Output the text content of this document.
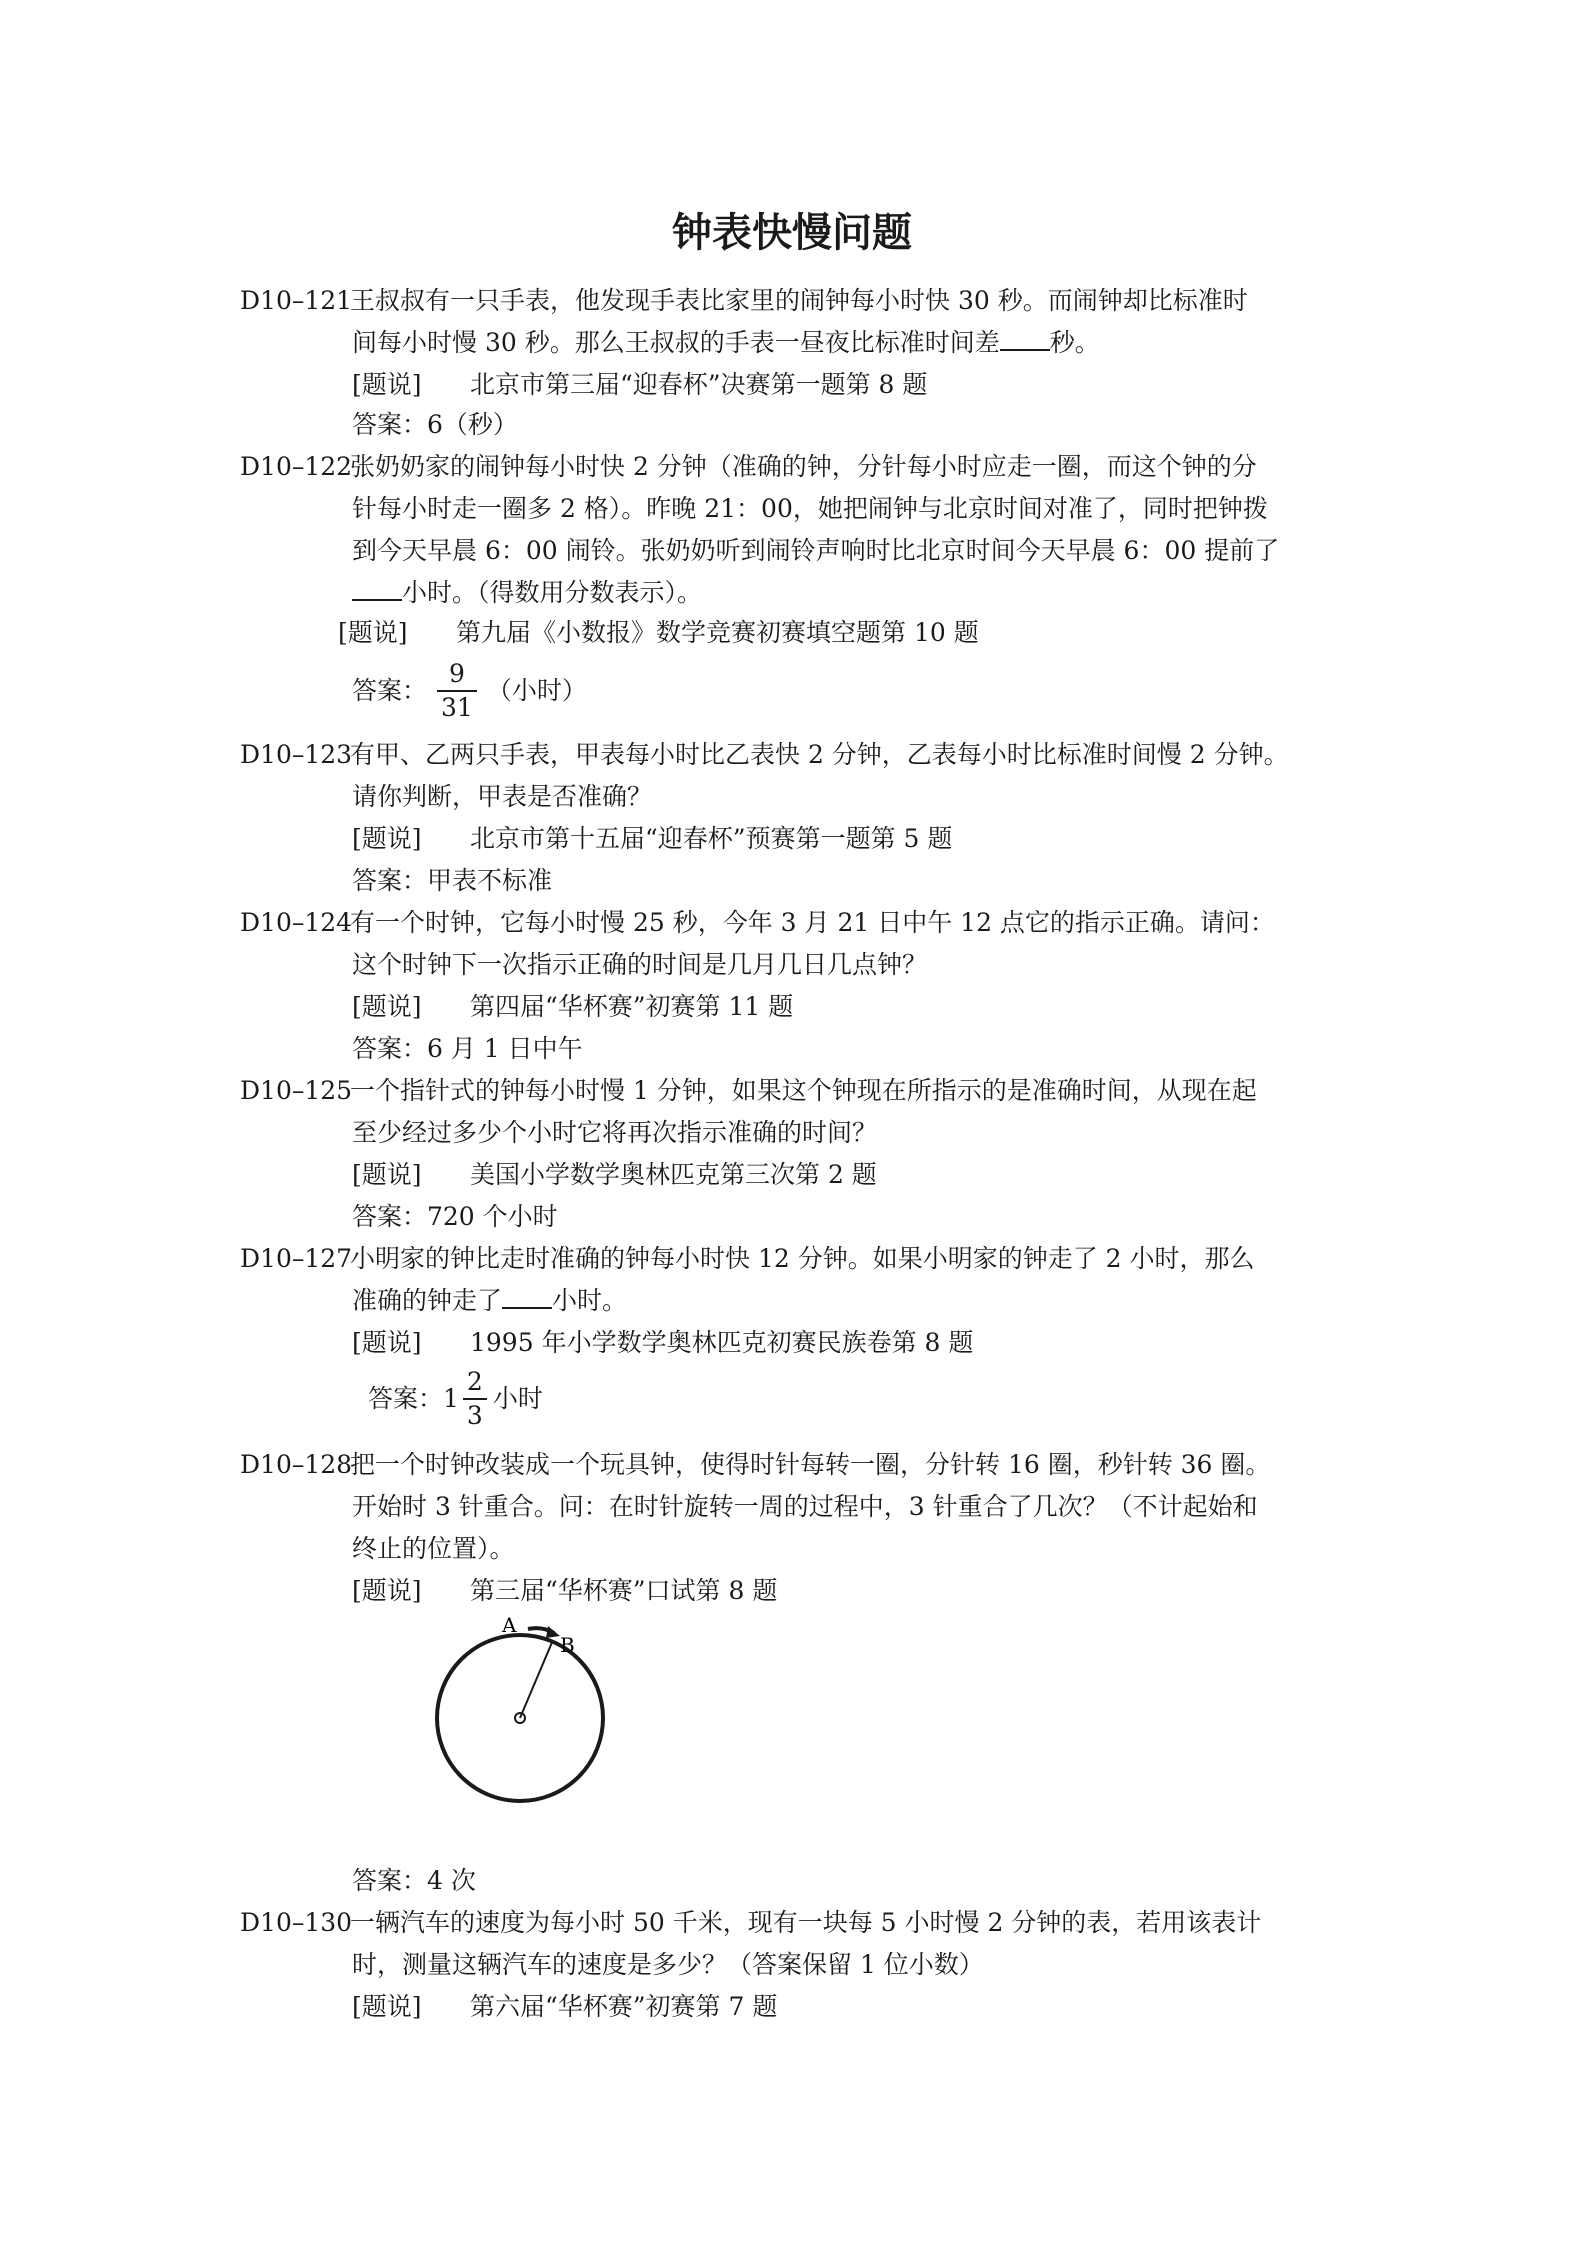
钟表快慢问题
D10–121王叔叔有一只手表，他发现手表比家里的闹钟每小时快 30 秒。而闹钟却比标准时
间每小时慢 30 秒。那么王叔叔的手表一昼夜比标准时间差 秒。
[题说] 北京市第三届“迎春杯”决赛第一题第 8 题
答案：6（秒）
D10–122张奶奶家的闹钟每小时快 2 分钟（准确的钟，分针每小时应走一圈，而这个钟的分
针每小时走一圈多 2 格）。昨晚 21：00，她把闹钟与北京时间对准了，同时把钟拨
到今天早晨 6：00 闹铃。张奶奶听到闹铃声响时比北京时间今天早晨 6：00 提前了
小时。（得数用分数表示）。
[题说] 第九届《小数报》数学竞赛初赛填空题第 10 题
答案： $\frac{9}{31}$ （小时）
D10–123有甲、乙两只手表，甲表每小时比乙表快 2 分钟，乙表每小时比标准时间慢 2 分钟。
请你判断，甲表是否准确？
[题说] 北京市第十五届“迎春杯”预赛第一题第 5 题
答案：甲表不标准
D10–124有一个时钟，它每小时慢 25 秒，今年 3 月 21 日中午 12 点它的指示正确。请问：
这个时钟下一次指示正确的时间是几月几日几点钟？
[题说] 第四届“华杯赛”初赛第 11 题
答案：6 月 1 日中午
D10–125一个指针式的钟每小时慢 1 分钟，如果这个钟现在所指示的是准确时间，从现在起
至少经过多少个小时它将再次指示准确的时间？
[题说] 美国小学数学奥林匹克第三次第 2 题
答案：720 个小时
D10–127小明家的钟比走时准确的钟每小时快 12 分钟。如果小明家的钟走了 2 小时，那么
准确的钟走了 小时。
[题说] 1995 年小学数学奥林匹克初赛民族卷第 8 题
答案：$1 \frac{2}{3}$ 小时
D10–128把一个时钟改装成一个玩具钟，使得时针每转一圈，分针转 16 圈，秒针转 36 圈。
开始时 3 针重合。问：在时针旋转一周的过程中，3 针重合了几次？（不计起始和
终止的位置）。
[题说] 第三届“华杯赛”口试第 8 题
A
B
答案：4 次
D10–130一辆汽车的速度为每小时 50 千米，现有一块每 5 小时慢 2 分钟的表，若用该表计
时，测量这辆汽车的速度是多少？（答案保留 1 位小数）
[题说] 第六届“华杯赛”初赛第 7 题
